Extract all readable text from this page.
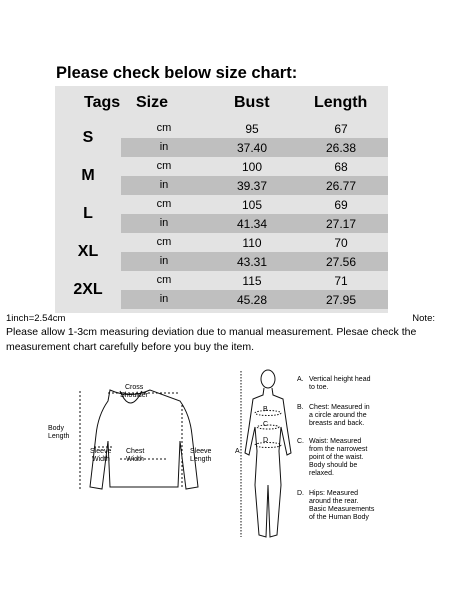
Please check below size chart:
Tags Size	Bust	Length
S
cm	95	67
in	37.40	26.38
M
cm	100	68
in	39.37	26.77
L
cm	105	69
in	41.34	27.17
XL
cm	110	70
in	43.31	27.56
2XL
cm	115	71
in	45.28	27.95
1inch=2.54cm	Note:
Please allow 1-3cm measuring deviation due to manual measurement. Plesae check the measurement chart carefully before you buy the item.
Cross
Shoulder
Body
Length
Sleeve
Width
Chest
Width
Sleeve
Length
A
B
C
D
A. Vertical height head
to toe.
B. Chest: Measured in
a circle around the
breasts and back.
C. Waist: Measured
from the narrowest
point of the waist.
Body should be
relaxed.
D. Hips: Measured
around the rear.
Basic Measurements
of the Human Body
